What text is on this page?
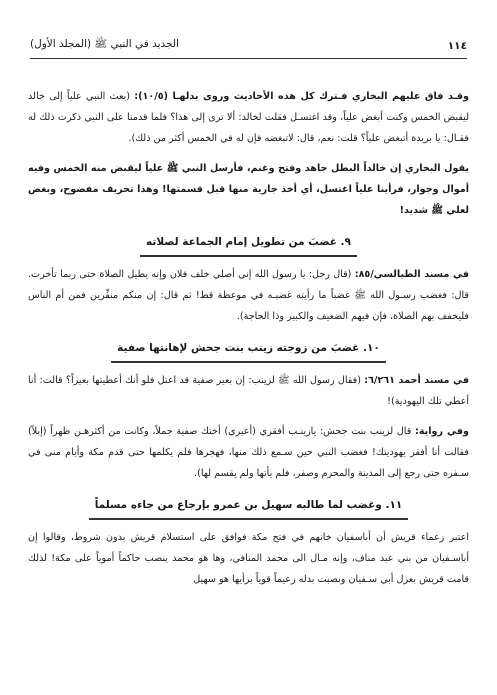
١١٤
الجديد في النبي ﷺ (المجلد الأول)

وقـد فاق عليهم البخاري فـترك كل هذه الأحاديث وروى بدلهـا (١٠/٥): (بعث النبي علياً إلى خالد ليقبض الخمس وكنت أبغض علياً، وقد اغتسـل فقلت لخالد: ألا ترى إلى هذا؟ فلما قدمنا على النبي ذكرت ذلك له فقـال: يا بريدة أتبغض علياً؟ قلت: نعم، قال: لاتبغضه فإن له في الخمس أكثر من ذلك).

يقول البخاري إن خالداً البطل جاهد وفتح وغنم، فأرسل النبي ﷺ علياً ليقبض منه الخمس وفيه أموال وجوار، فرأينا علياً اغتسل، أي أخذ جارية منها قبل قسمتها! وهذا تحريف مفضوح، وبغض لعلي ﷺ شديد!

٩. غضبَ من تطويل إمام الجماعة لصلاته

في مسند الطيالسي/٨٥: (قال رجل: يا رسول الله إني أصلي خلف فلان وإنه يطيل الصلاة حتى ربما تأخرت. قال: فغضب رسـول الله ﷺ غضباً ما رأيته غضبـه في موعظة قط! ثم قال: إن منكم منفِّرين فمن أم الناس فليخفف بهم الصلاة، فإن فيهم الضعيف والكبير وذا الحاجة).

١٠. غضبَ من زوجته زينب بنت جحش لإهانتها صفية

في مسند أحمد ٦/٢٦١: (فقال رسول الله ﷺ لزينب: إن بعير صفية قد اعتل فلو أنك أعطيتها بعيراً؟ قالت: أنا أعطي تلك اليهودية)!

وفي رواية: قال لزينب بنت جحش: يازينـب أفقري (أعيري) أختك صفية جملاً، وكانت من أكثرهـن ظهراً (إبلاً) فقالت أنا أفقر يهوديتك! فغضب النبي حين سـمع ذلك منها، فهجرها فلم يكلمها حتى قدم مكة وأيام منى في سـفره حتى رجع إلى المدينة والمحرم وصفر، فلم يأتها ولم يقسم لها).

١١. وغضب لما طالبه سهيل بن عمرو بإرجاع من جاءه مسلماً

اعتبر زعماء قريش أن أباسفيان خانهم في فتح مكة فوافق على استسلام قريش بدون شروط، وقالوا إن أباسـفيان من بني عبد مناف، وإنه مـال الى محمد المنافي، وها هو محمد ينصب حاكماً أموياً على مكة! لذلك قامت قريش بعزل أبي سـفيان ونصبت بدله زعيماً قوياً برأيها هو سهيل
